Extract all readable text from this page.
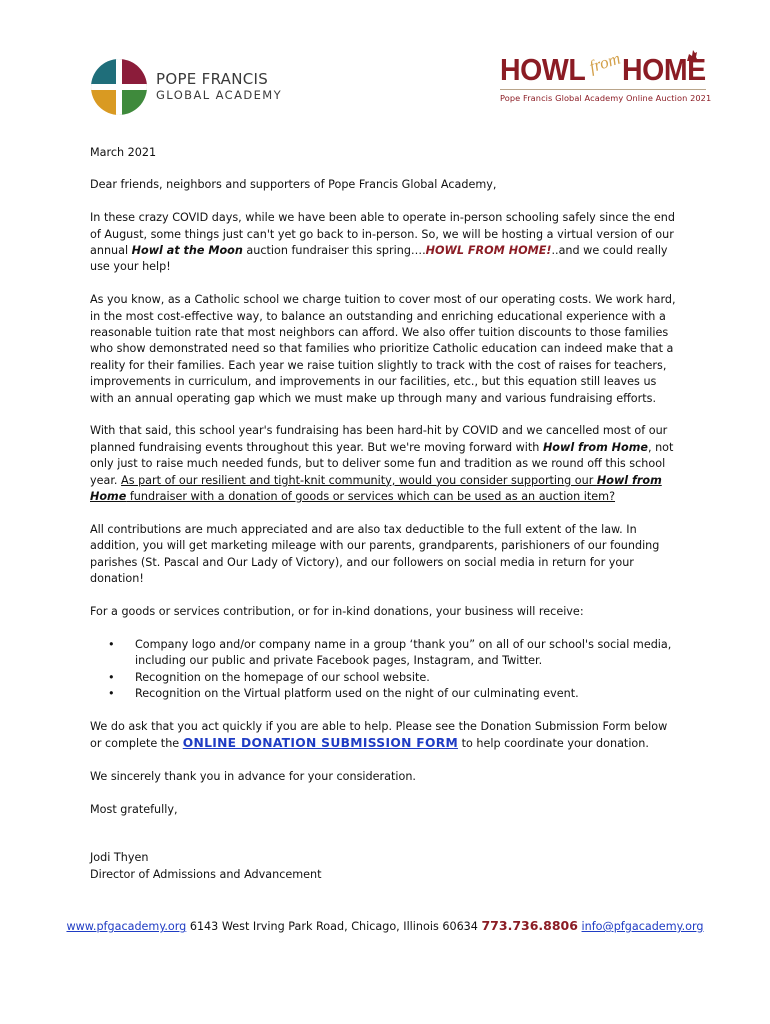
POPE FRANCIS
GLOBAL ACADEMY
HOWL from HOME
Pope Francis Global Academy Online Auction 2021

March 2021

Dear friends, neighbors and supporters of Pope Francis Global Academy,

In these crazy COVID days, while we have been able to operate in-person schooling safely since the end of August, some things just can't yet go back to in-person. So, we will be hosting a virtual version of our annual Howl at the Moon auction fundraiser this spring….HOWL FROM HOME!..and we could really use your help!

As you know, as a Catholic school we charge tuition to cover most of our operating costs. We work hard, in the most cost-effective way, to balance an outstanding and enriching educational experience with a reasonable tuition rate that most neighbors can afford. We also offer tuition discounts to those families who show demonstrated need so that families who prioritize Catholic education can indeed make that a reality for their families. Each year we raise tuition slightly to track with the cost of raises for teachers, improvements in curriculum, and improvements in our facilities, etc., but this equation still leaves us with an annual operating gap which we must make up through many and various fundraising efforts.

With that said, this school year's fundraising has been hard-hit by COVID and we cancelled most of our planned fundraising events throughout this year. But we're moving forward with Howl from Home, not only just to raise much needed funds, but to deliver some fun and tradition as we round off this school year. As part of our resilient and tight-knit community, would you consider supporting our Howl from Home fundraiser with a donation of goods or services which can be used as an auction item?

All contributions are much appreciated and are also tax deductible to the full extent of the law. In addition, you will get marketing mileage with our parents, grandparents, parishioners of our founding parishes (St. Pascal and Our Lady of Victory), and our followers on social media in return for your donation!

For a goods or services contribution, or for in-kind donations, your business will receive:

• Company logo and/or company name in a group ‘thank you” on all of our school's social media, including our public and private Facebook pages, Instagram, and Twitter.
• Recognition on the homepage of our school website.
• Recognition on the Virtual platform used on the night of our culminating event.

We do ask that you act quickly if you are able to help. Please see the Donation Submission Form below or complete the ONLINE DONATION SUBMISSION FORM to help coordinate your donation.

We sincerely thank you in advance for your consideration.

Most gratefully,

Jodi Thyen

Director of Admissions and Advancement

www.pfgacademy.org 6143 West Irving Park Road, Chicago, Illinois 60634 773.736.8806 info@pfgacademy.org
